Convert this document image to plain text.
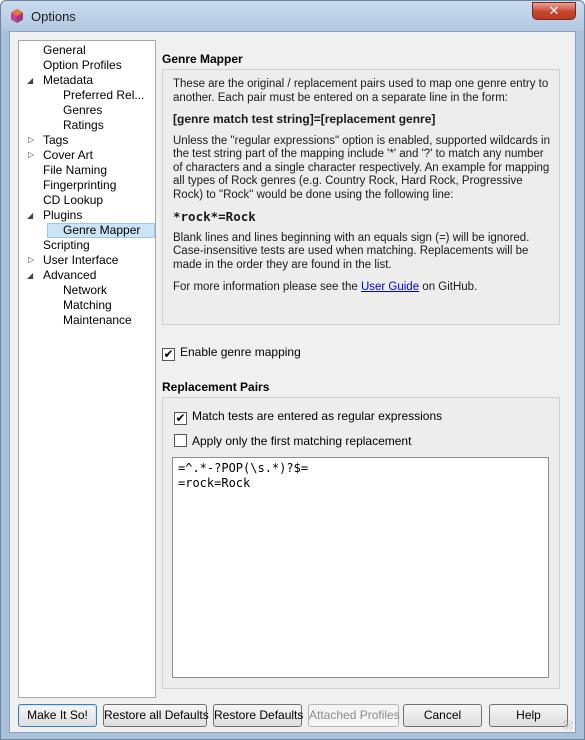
Options	✕
General
Option Profiles
◢ Metadata
Preferred Rel...
Genres
Ratings
▷ Tags
▷ Cover Art
File Naming
Fingerprinting
CD Lookup
◢ Plugins
Genre Mapper
Scripting
▷ User Interface
◢ Advanced
Network
Matching
Maintenance
Genre Mapper

These are the original / replacement pairs used to map one genre entry to another. Each pair must be entered on a separate line in the form:

[genre match test string]=[replacement genre]

Unless the "regular expressions" option is enabled, supported wildcards in the test string part of the mapping include '*' and '?' to match any number of characters and a single character respectively. An example for mapping all types of Rock genres (e.g. Country Rock, Hard Rock, Progressive Rock) to "Rock" would be done using the following line:

*rock*=Rock

Blank lines and lines beginning with an equals sign (=) will be ignored. Case-insensitive tests are used when matching. Replacements will be made in the order they are found in the list.

For more information please see the User Guide on GitHub.

✔ Enable genre mapping
Replacement Pairs
✔ Match tests are entered as regular expressions
Apply only the first matching replacement
=^.*-?POP(\s.*)?$=
=rock=Rock
Make It So!	Restore all Defaults Restore Defaults Attached Profiles	Cancel	Help
